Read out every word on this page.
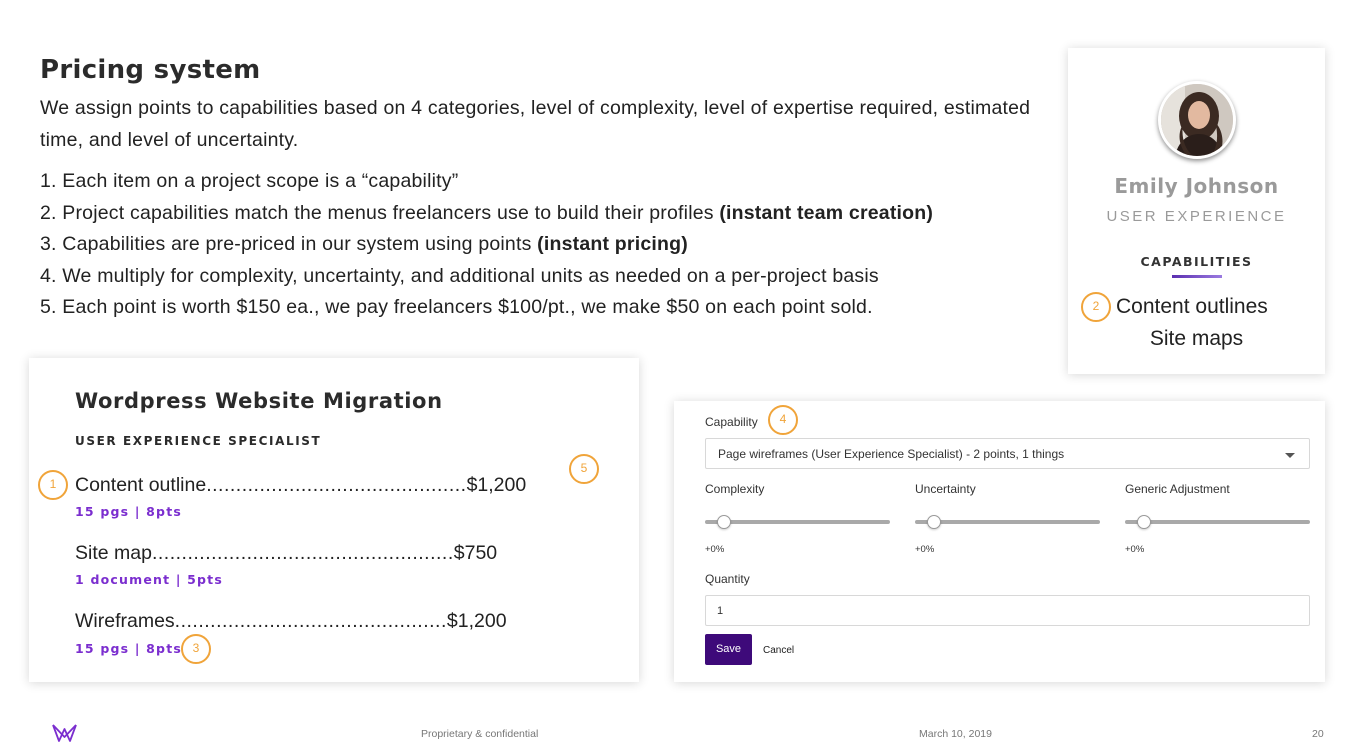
Pricing system
We assign points to capabilities based on 4 categories, level of complexity, level of expertise required, estimated time, and level of uncertainty.
1. Each item on a project scope is a “capability”
2. Project capabilities match the menus freelancers use to build their profiles (instant team creation)
3. Capabilities are pre-priced in our system using points (instant pricing)
4. We multiply for complexity, uncertainty, and additional units as needed on a per-project basis
5. Each point is worth $150 ea., we pay freelancers $100/pt., we make $50 on each point sold.
Emily Johnson
USER EXPERIENCE
CAPABILITIES
2 Content outlines
Site maps
Wordpress Website Migration
USER EXPERIENCE SPECIALIST
1
5
Content outline............................................$1,200
15 pgs | 8pts
Site map...................................................$750
1 document | 5pts
Wireframes..............................................$1,200
15 pgs | 8pts 3
Capability	4
Page wireframes (User Experience Specialist) - 2 points, 1 things
Complexity	Uncertainty	Generic Adjustment
+0%	+0%	+0%
Quantity
1
Save	Cancel
Proprietary & confidential	March 10, 2019	20
